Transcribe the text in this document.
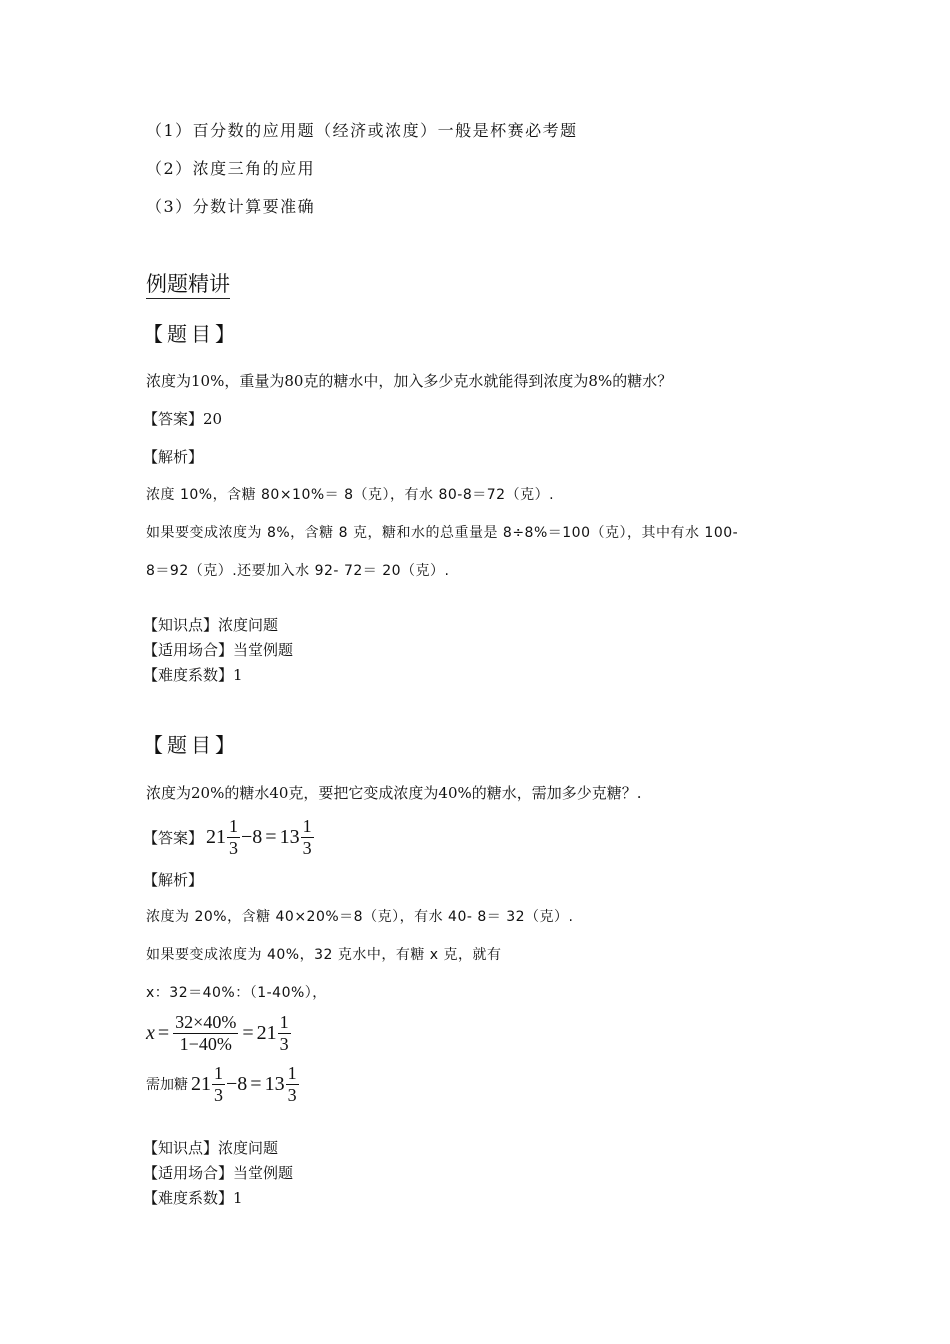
（1）百分数的应用题（经济或浓度）一般是杯赛必考题
（2）浓度三角的应用
（3）分数计算要准确
例题精讲
【题目】
浓度为10%，重量为80克的糖水中，加入多少克水就能得到浓度为8%的糖水？
【答案】20
【解析】
浓度 10%，含糖 80×10%＝ 8（克），有水 80-8＝72（克）.
如果要变成浓度为 8%，含糖 8 克，糖和水的总重量是 8÷8%＝100（克），其中有水 100-
8＝92（克）.还要加入水 92- 72＝ 20（克）.
【知识点】浓度问题
【适用场合】当堂例题
【难度系数】1
【题目】
浓度为20%的糖水40克，要把它变成浓度为40%的糖水，需加多少克糖？.
【答案】 $21 \frac{1}{3} -8 = 13 \frac{1}{3}$
【解析】
浓度为 20%，含糖 40×20%＝8（克），有水 40- 8＝ 32（克）.
如果要变成浓度为 40%，32 克水中，有糖 x 克，就有
x：32＝40%：（1-40%），
$x = \frac{32\times 40\%}{1-40\%} = 21 \frac{1}{3}$
需加糖 $21 \frac{1}{3} -8 = 13 \frac{1}{3}$
【知识点】浓度问题
【适用场合】当堂例题
【难度系数】1
